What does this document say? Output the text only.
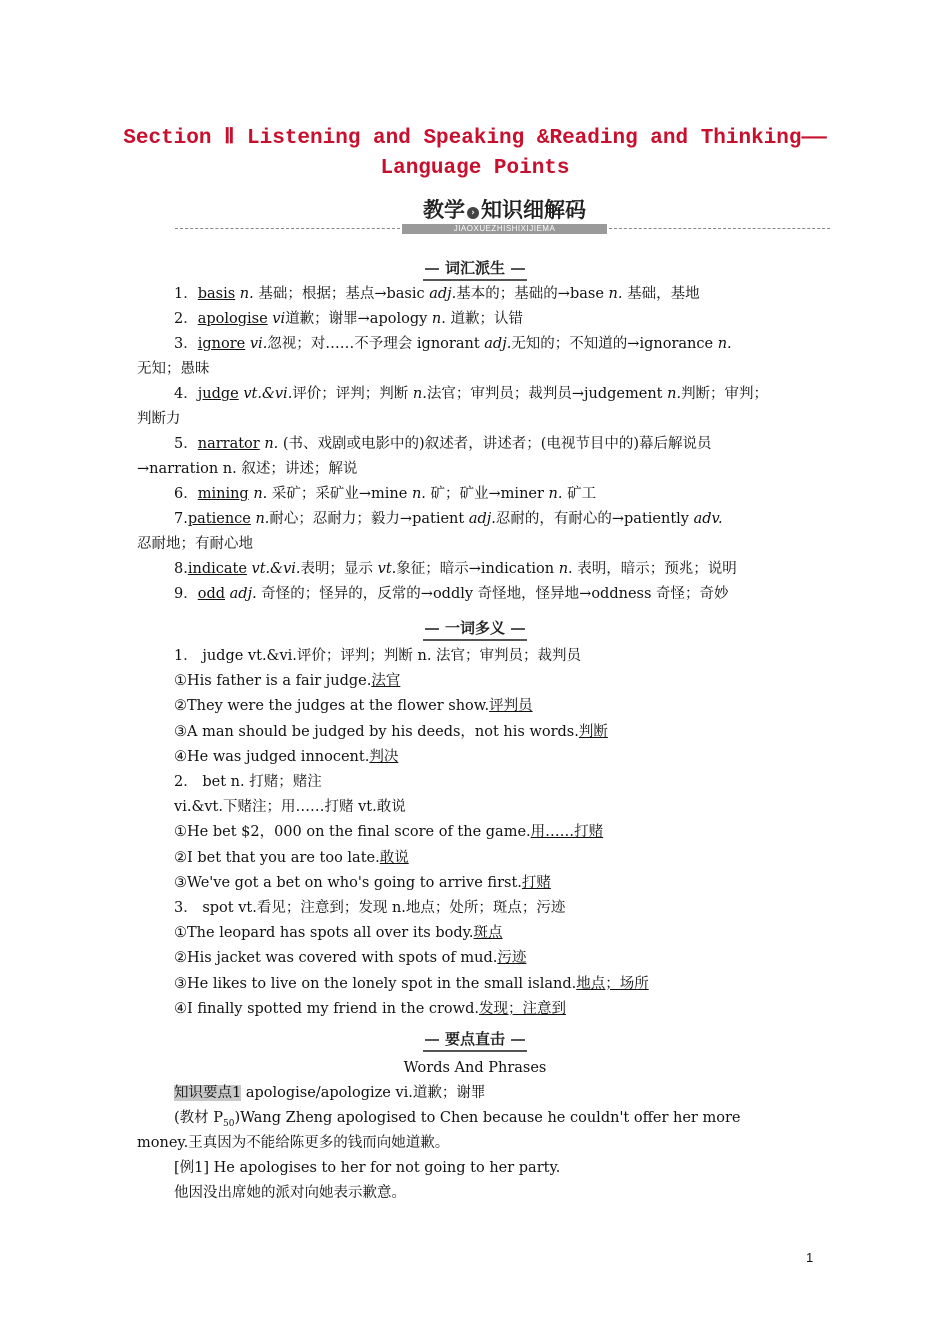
Section Ⅱ Listening and Speaking &Reading and Thinking——
Language Points
教学 › 知识细解码
JIAOXUEZHISHIXIJIEMA
词汇派生
1．basis n. 基础；根据；基点→basic adj.基本的；基础的→base n. 基础，基地
2．apologise vi道歉；谢罪→apology n. 道歉；认错
3．ignore vi.忽视；对……不予理会 ignorant adj.无知的；不知道的→ignorance n.
无知；愚昧
4．judge vt.&vi.评价；评判；判断 n.法官；审判员；裁判员→judgement n.判断；审判；
判断力
5．narrator n. (书、戏剧或电影中的)叙述者，讲述者；(电视节目中的)幕后解说员
→narration n. 叙述；讲述；解说
6．mining n. 采矿；采矿业→mine n. 矿；矿业→miner n. 矿工
7.patience n.耐心；忍耐力；毅力→patient adj.忍耐的，有耐心的→patiently adv.
忍耐地；有耐心地
8.indicate vt.&vi.表明；显示 vt.象征；暗示→indication n. 表明，暗示；预兆；说明
9．odd adj. 奇怪的；怪异的，反常的→oddly 奇怪地，怪异地→oddness 奇怪；奇妙
一词多义
1． judge vt.&vi.评价；评判；判断 n. 法官；审判员；裁判员
①His father is a fair judge.法官
②They were the judges at the flower show.评判员
③A man should be judged by his deeds，not his words.判断
④He was judged innocent.判决
2． bet n. 打赌；赌注
vi.&vt.下赌注；用……打赌 vt.敢说
①He bet $2，000 on the final score of the game.用……打赌
②I bet that you are too late.敢说
③We've got a bet on who's going to arrive first.打赌
3． spot vt.看见；注意到；发现 n.地点；处所；斑点；污迹
①The leopard has spots all over its body.斑点
②His jacket was covered with spots of mud.污迹
③He likes to live on the lonely spot in the small island.地点；场所
④I finally spotted my friend in the crowd.发现；注意到
要点直击
Words And Phrases
知识要点1 apologise/apologize vi.道歉；谢罪
(教材 $P_{50})Wang$ Zheng apologised to Chen because he couldn't offer her more
money.王真因为不能给陈更多的钱而向她道歉。
[例1] He apologises to her for not going to her party.
他因没出席她的派对向她表示歉意。
1
